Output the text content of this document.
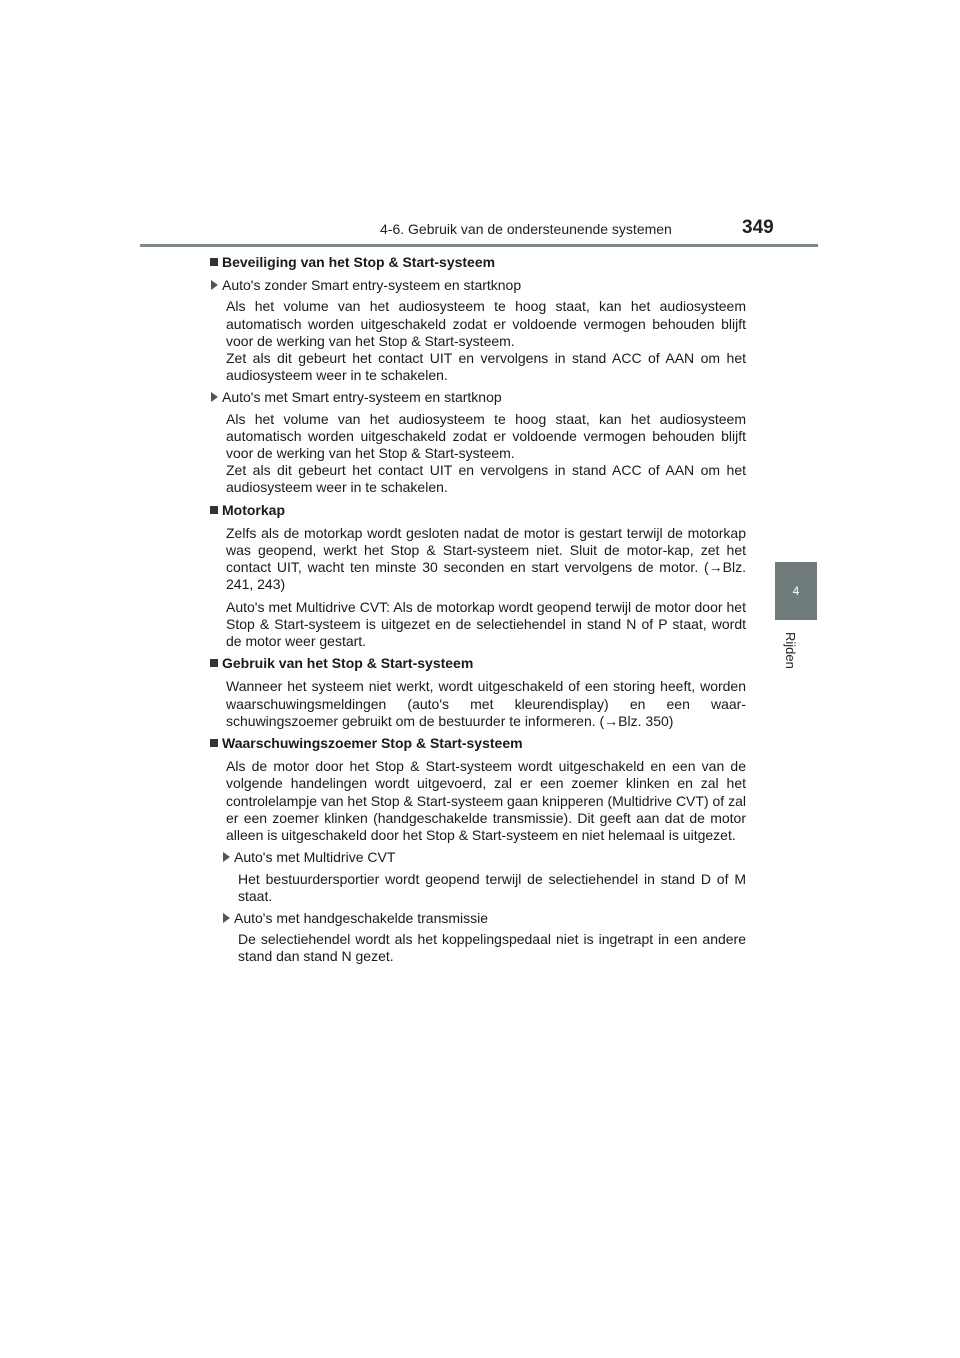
4-6. Gebruik van de ondersteunende systemen	349
4
Rijden
Beveiliging van het Stop & Start-systeem
Auto's zonder Smart entry-systeem en startknop
Als het volume van het audiosysteem te hoog staat, kan het audiosysteem automatisch worden uitgeschakeld zodat er voldoende vermogen behouden blijft voor de werking van het Stop & Start-systeem.
Zet als dit gebeurt het contact UIT en vervolgens in stand ACC of AAN om het audiosysteem weer in te schakelen.
Auto's met Smart entry-systeem en startknop
Als het volume van het audiosysteem te hoog staat, kan het audiosysteem automatisch worden uitgeschakeld zodat er voldoende vermogen behouden blijft voor de werking van het Stop & Start-systeem.
Zet als dit gebeurt het contact UIT en vervolgens in stand ACC of AAN om het audiosysteem weer in te schakelen.
Motorkap
Zelfs als de motorkap wordt gesloten nadat de motor is gestart terwijl de motorkap was geopend, werkt het Stop & Start-systeem niet. Sluit de motor-kap, zet het contact UIT, wacht ten minste 30 seconden en start vervolgens de motor. (→Blz. 241, 243)
Auto's met Multidrive CVT: Als de motorkap wordt geopend terwijl de motor door het Stop & Start-systeem is uitgezet en de selectiehendel in stand N of P staat, wordt de motor weer gestart.
Gebruik van het Stop & Start-systeem
Wanneer het systeem niet werkt, wordt uitgeschakeld of een storing heeft, worden waarschuwingsmeldingen (auto's met kleurendisplay) en een waar-schuwingszoemer gebruikt om de bestuurder te informeren. (→Blz. 350)
Waarschuwingszoemer Stop & Start-systeem
Als de motor door het Stop & Start-systeem wordt uitgeschakeld en een van de volgende handelingen wordt uitgevoerd, zal er een zoemer klinken en zal het controlelampje van het Stop & Start-systeem gaan knipperen (Multidrive CVT) of zal er een zoemer klinken (handgeschakelde transmissie). Dit geeft aan dat de motor alleen is uitgeschakeld door het Stop & Start-systeem en niet helemaal is uitgezet.
Auto's met Multidrive CVT
Het bestuurdersportier wordt geopend terwijl de selectiehendel in stand D of M staat.
Auto's met handgeschakelde transmissie
De selectiehendel wordt als het koppelingspedaal niet is ingetrapt in een andere stand dan stand N gezet.
